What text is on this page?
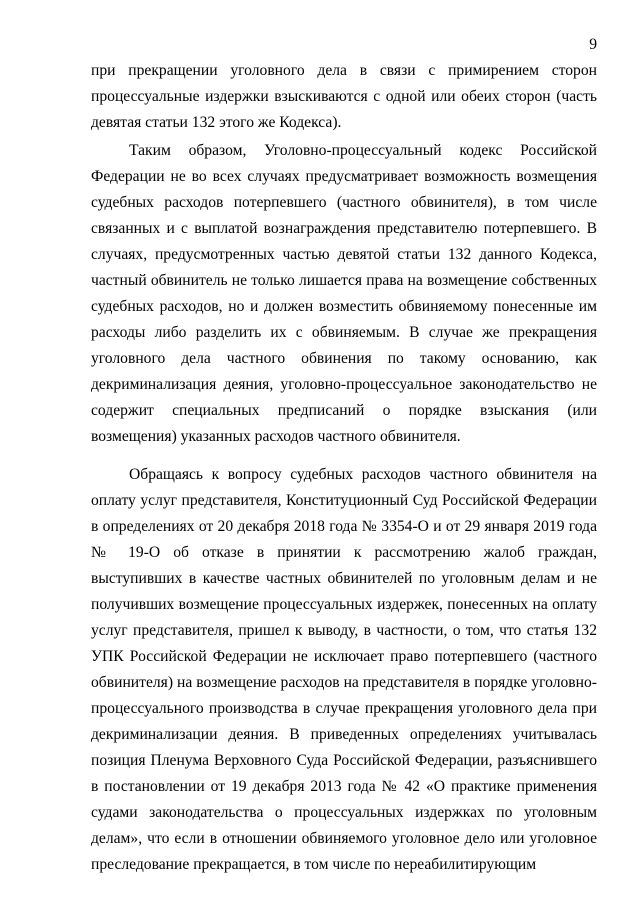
9

при прекращении уголовного дела в связи с примирением сторон процессуальные издержки взыскиваются с одной или обеих сторон (часть девятая статьи 132 этого же Кодекса).

Таким образом, Уголовно-процессуальный кодекс Российской Федерации не во всех случаях предусматривает возможность возмещения судебных расходов потерпевшего (частного обвинителя), в том числе связанных и с выплатой вознаграждения представителю потерпевшего. В случаях, предусмотренных частью девятой статьи 132 данного Кодекса, частный обвинитель не только лишается права на возмещение собственных судебных расходов, но и должен возместить обвиняемому понесенные им расходы либо разделить их с обвиняемым. В случае же прекращения уголовного дела частного обвинения по такому основанию, как декриминализация деяния, уголовно-процессуальное законодательство не содержит специальных предписаний о порядке взыскания (или возмещения) указанных расходов частного обвинителя.

Обращаясь к вопросу судебных расходов частного обвинителя на оплату услуг представителя, Конституционный Суд Российской Федерации в определениях от 20 декабря 2018 года № 3354-О и от 29 января 2019 года № 19-О об отказе в принятии к рассмотрению жалоб граждан, выступивших в качестве частных обвинителей по уголовным делам и не получивших возмещение процессуальных издержек, понесенных на оплату услуг представителя, пришел к выводу, в частности, о том, что статья 132 УПК Российской Федерации не исключает право потерпевшего (частного обвинителя) на возмещение расходов на представителя в порядке уголовно-процессуального производства в случае прекращения уголовного дела при декриминализации деяния. В приведенных определениях учитывалась позиция Пленума Верховного Суда Российской Федерации, разъяснившего в постановлении от 19 декабря 2013 года № 42 «О практике применения судами законодательства о процессуальных издержках по уголовным делам», что если в отношении обвиняемого уголовное дело или уголовное преследование прекращается, в том числе по нереабилитирующим
